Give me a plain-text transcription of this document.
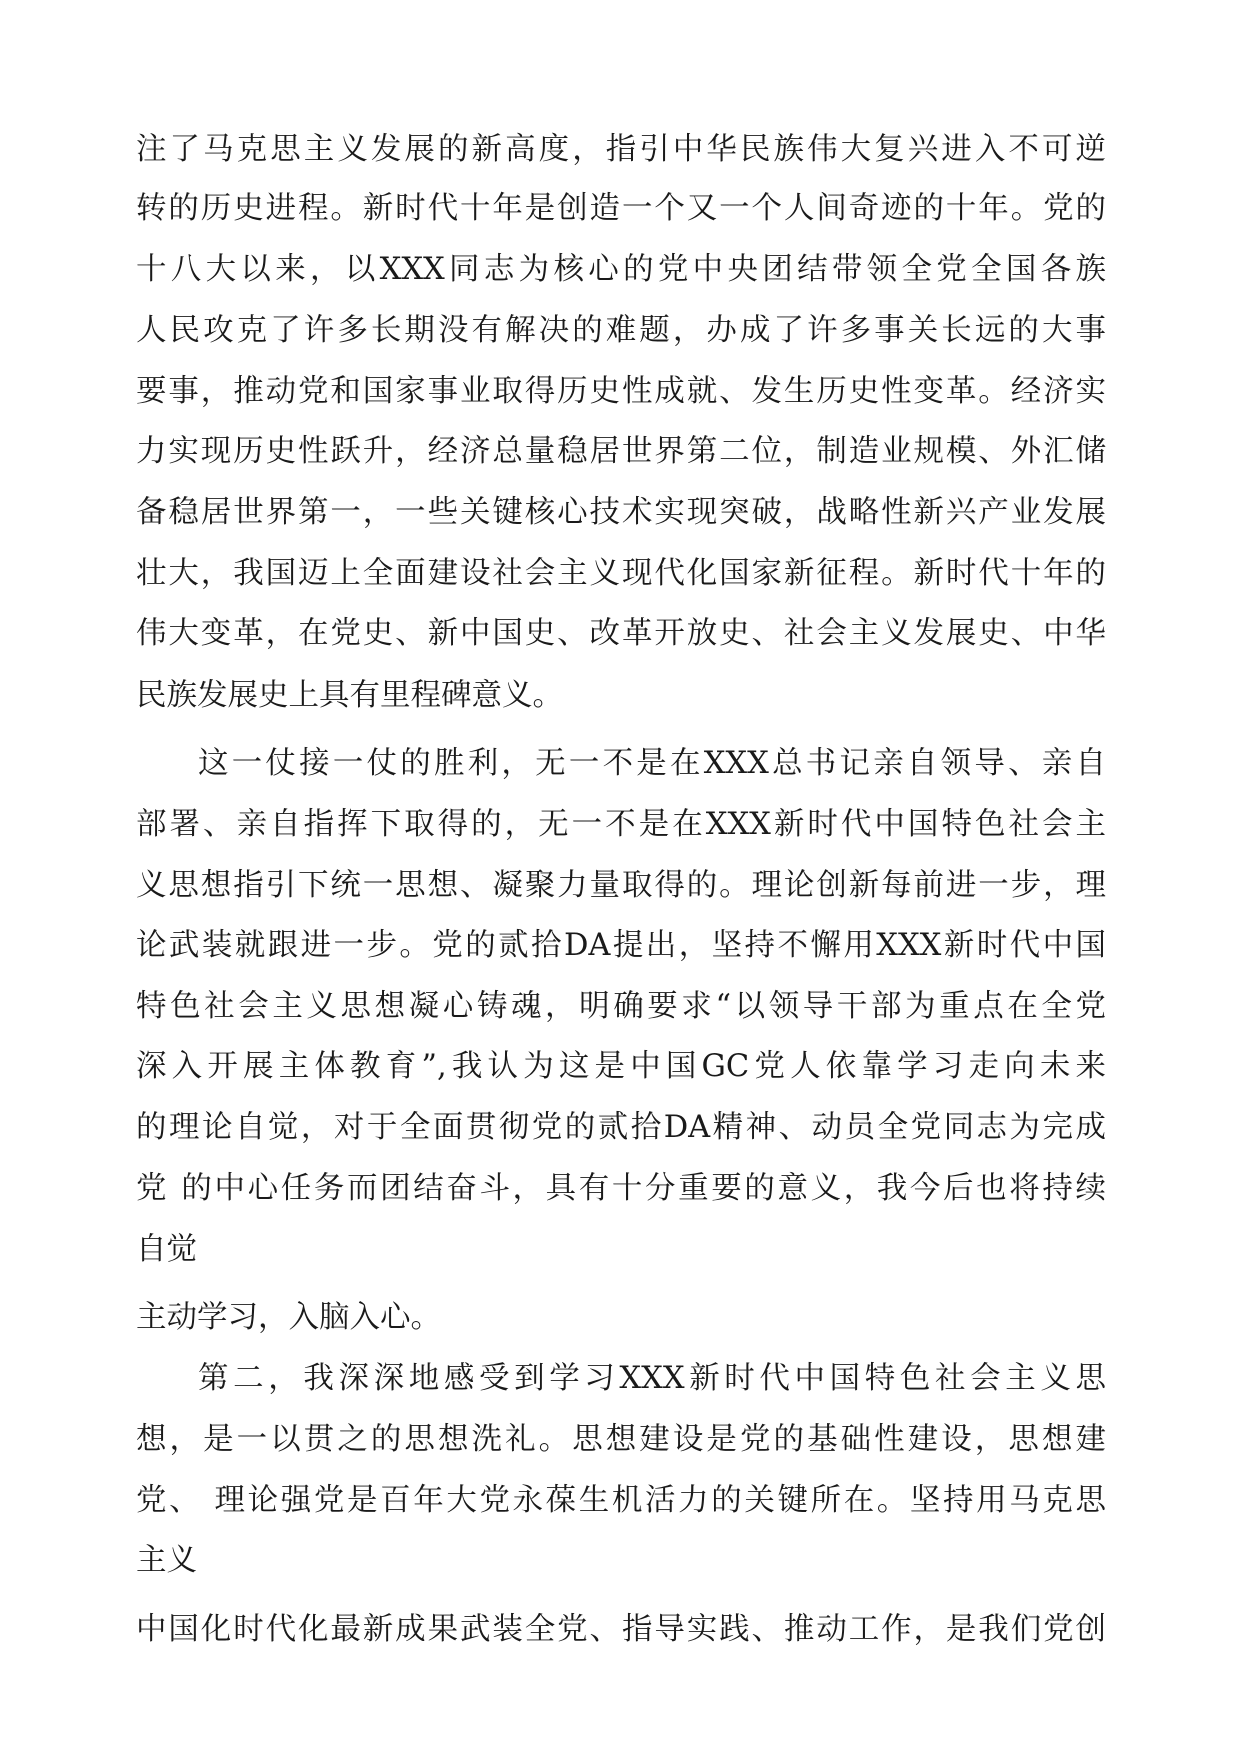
注了马克思主义发展的新高度，指引中华民族伟大复兴进入不可逆
转的历史进程。新时代十年是创造一个又一个人间奇迹的十年。党的
十八大以来，以XXX同志为核心的党中央团结带领全党全国各族
人民攻克了许多长期没有解决的难题，办成了许多事关长远的大事
要事，推动党和国家事业取得历史性成就、发生历史性变革。经济实
力实现历史性跃升，经济总量稳居世界第二位，制造业规模、外汇储
备稳居世界第一，一些关键核心技术实现突破，战略性新兴产业发展
壮大，我国迈上全面建设社会主义现代化国家新征程。新时代十年的
伟大变革，在党史、新中国史、改革开放史、社会主义发展史、中华
民族发展史上具有里程碑意义。
这一仗接一仗的胜利，无一不是在XXX总书记亲自领导、亲自
部署、亲自指挥下取得的，无一不是在XXX新时代中国特色社会主
义思想指引下统一思想、凝聚力量取得的。理论创新每前进一步，理
论武装就跟进一步。党的贰拾DA提出，坚持不懈用XXX新时代中国
特色社会主义思想凝心铸魂，明确要求“以领导干部为重点在全党
深入开展主体教育”,我认为这是中国GC党人依靠学习走向未来
的理论自觉，对于全面贯彻党的贰拾DA精神、动员全党同志为完成
党 的中心任务而团结奋斗，具有十分重要的意义，我今后也将持续
自觉
主动学习，入脑入心。
第二，我深深地感受到学习XXX新时代中国特色社会主义思
想，是一以贯之的思想洗礼。思想建设是党的基础性建设，思想建
党、 理论强党是百年大党永葆生机活力的关键所在。坚持用马克思
主义
中国化时代化最新成果武装全党、指导实践、推动工作，是我们党创
